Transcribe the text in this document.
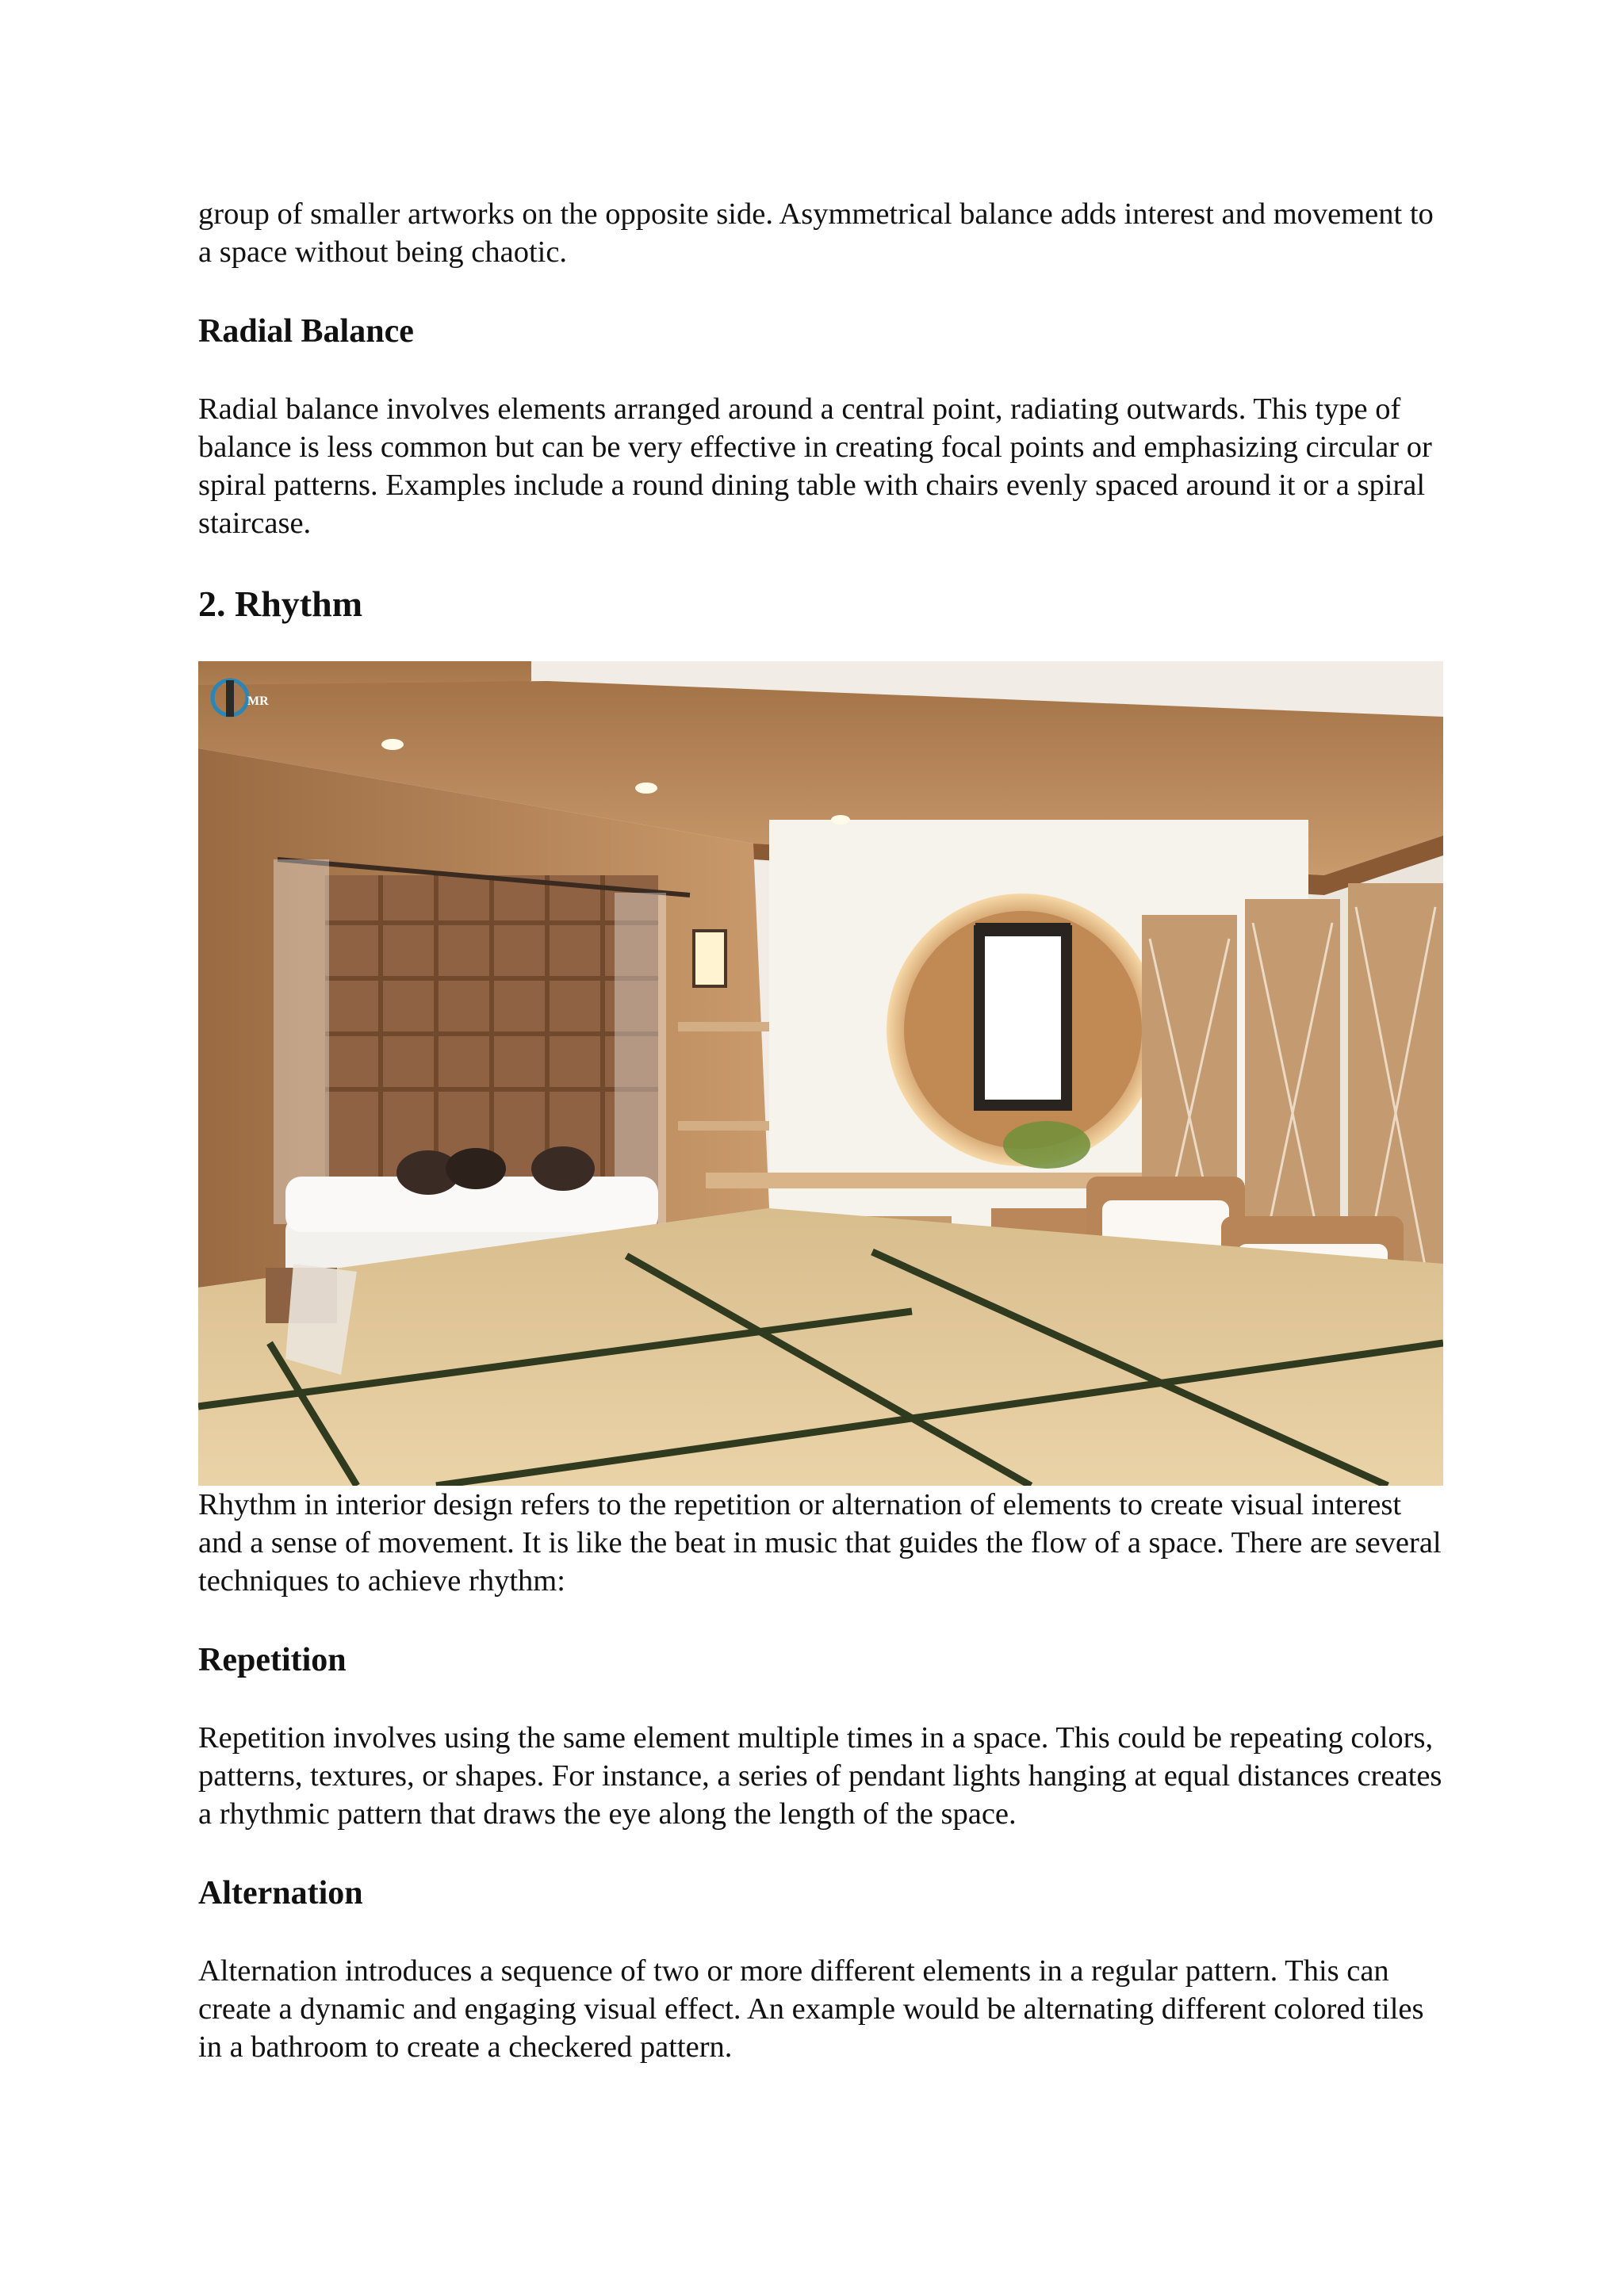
group of smaller artworks on the opposite side. Asymmetrical balance adds interest and movement to a space without being chaotic.

Radial Balance

Radial balance involves elements arranged around a central point, radiating outwards. This type of balance is less common but can be very effective in creating focal points and emphasizing circular or spiral patterns. Examples include a round dining table with chairs evenly spaced around it or a spiral staircase.

2. Rhythm
MR

Rhythm in interior design refers to the repetition or alternation of elements to create visual interest and a sense of movement. It is like the beat in music that guides the flow of a space. There are several techniques to achieve rhythm:

Repetition

Repetition involves using the same element multiple times in a space. This could be repeating colors, patterns, textures, or shapes. For instance, a series of pendant lights hanging at equal distances creates a rhythmic pattern that draws the eye along the length of the space.

Alternation

Alternation introduces a sequence of two or more different elements in a regular pattern. This can create a dynamic and engaging visual effect. An example would be alternating different colored tiles in a bathroom to create a checkered pattern.
